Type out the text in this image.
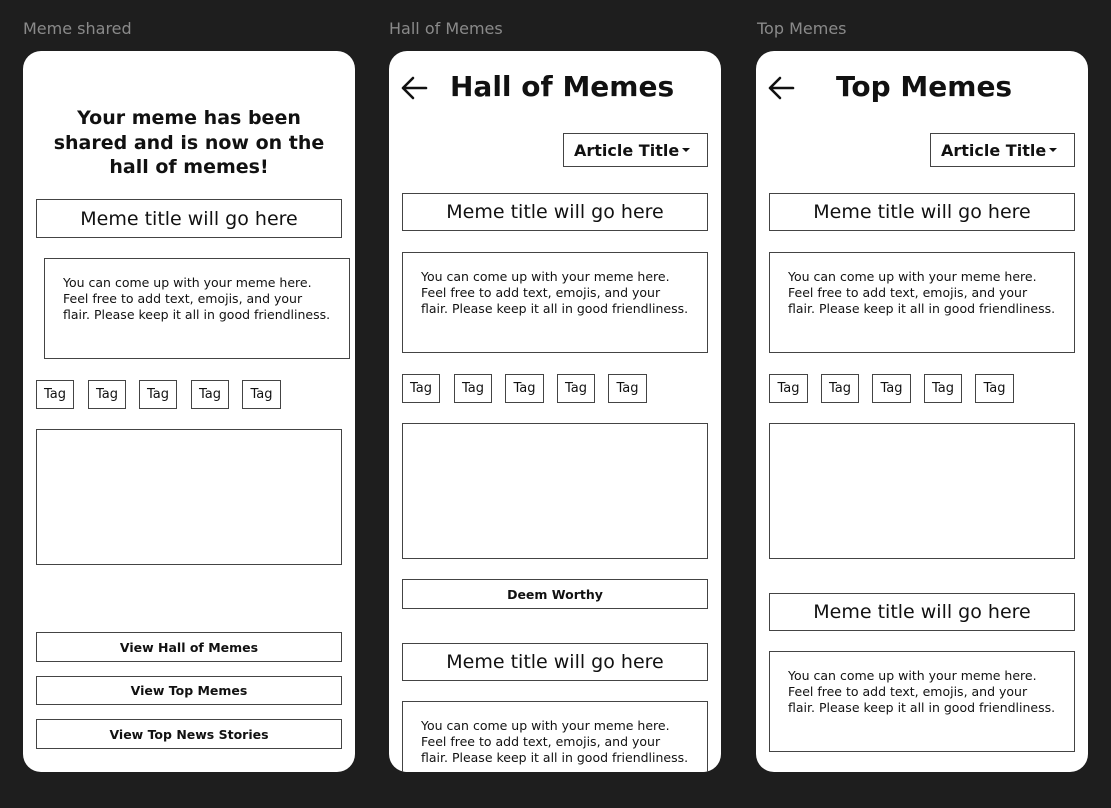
Meme shared	Hall of Memes	Top Memes
Your meme has been shared and is now on the hall of memes!
Meme title will go here
You can come up with your meme here. Feel free to add text, emojis, and your flair. Please keep it all in good friendliness.
Tag	Tag	Tag	Tag	Tag
View Hall of Memes
View Top Memes
View Top News Stories
Hall of Memes
Article Title
Meme title will go here
You can come up with your meme here. Feel free to add text, emojis, and your flair. Please keep it all in good friendliness.
Tag	Tag	Tag	Tag	Tag
Deem Worthy
Meme title will go here
You can come up with your meme here. Feel free to add text, emojis, and your flair. Please keep it all in good friendliness.
Top Memes
Article Title
Meme title will go here
You can come up with your meme here. Feel free to add text, emojis, and your flair. Please keep it all in good friendliness.
Tag	Tag	Tag	Tag	Tag
Meme title will go here
You can come up with your meme here. Feel free to add text, emojis, and your flair. Please keep it all in good friendliness.
